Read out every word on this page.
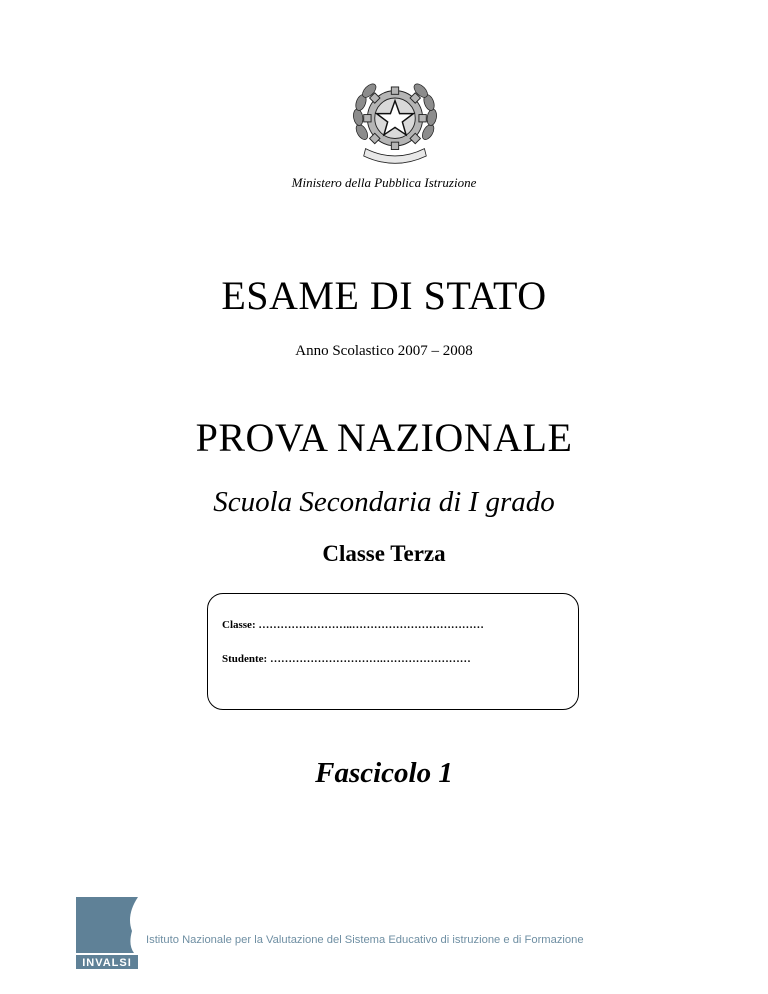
Ministero della Pubblica Istruzione
ESAME DI STATO
Anno Scolastico 2007 – 2008
PROVA NAZIONALE
Scuola Secondaria di I grado
Classe Terza
Classe: ……………………..………………………………
Studente: ………………………….……………………
Fascicolo 1
INVALSI
Istituto Nazionale per la Valutazione del Sistema Educativo di istruzione e di Formazione
